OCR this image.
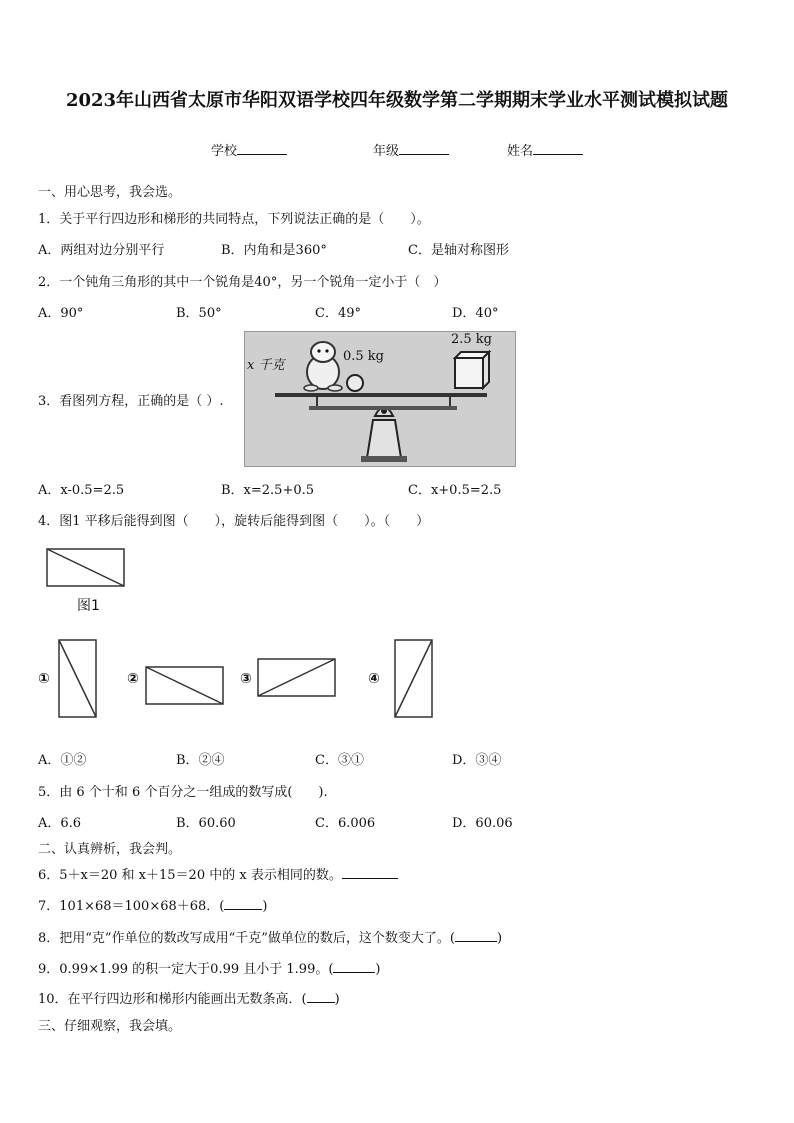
2023年山西省太原市华阳双语学校四年级数学第二学期期末学业水平测试模拟试题
学校	年级	姓名
一、用心思考，我会选。
1．关于平行四边形和梯形的共同特点，下列说法正确的是（　　）。
A．两组对边分别平行	B．内角和是360°	C．是轴对称图形
2．一个钝角三角形的其中一个锐角是40°，另一个锐角一定小于（　）
A．90°	B．50°	C．49°	D．40°
3．看图列方程，正确的是（ ）.
x 千克
0.5 kg
2.5 kg
A．x-0.5=2.5	B．x=2.5+0.5	C．x+0.5=2.5
4．图1 平移后能得到图（　　），旋转后能得到图（　　）。（　　）
图1
①	②	③	④
A．①②	B．②④	C．③①	D．③④
5．由 6 个十和 6 个百分之一组成的数写成(　　).
A．6.6	B．60.60	C．6.006	D．60.06
二、认真辨析，我会判。
6．5＋x＝20 和 x＋15＝20 中的 x 表示相同的数。
7．101×68＝100×68＋68．(	)
8．把用“克”作单位的数改写成用“千克”做单位的数后，这个数变大了。(	)
9．0.99×1.99 的积一定大于0.99 且小于 1.99。(	)
10．在平行四边形和梯形内能画出无数条高．( )
三、仔细观察，我会填。
